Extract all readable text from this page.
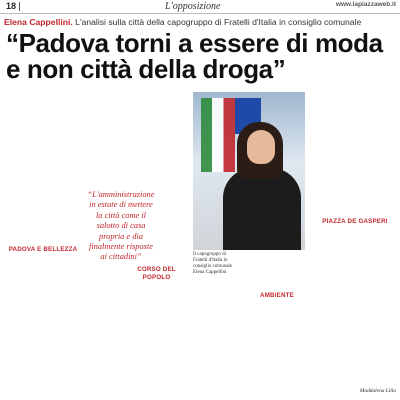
18	L'opposizione	www.lapiazzaweb.it
Elena Cappellini. L'analisi sulla città della capogruppo di Fratelli d'Italia in consiglio comunale
“Padova torni a essere di moda
e non città della droga”
PADOVA E BELLEZZA
“L'amministrazione in estate di mettere la città come il salotto di casa propria e dia finalmente risposte ai cittadini”
CORSO DEL POPOLO
Il capogruppo di Fratelli d'Italia in consiglio comunale Elena Cappellini
AMBIENTE
PIAZZA DE GASPERI
Maddalena Lilla
